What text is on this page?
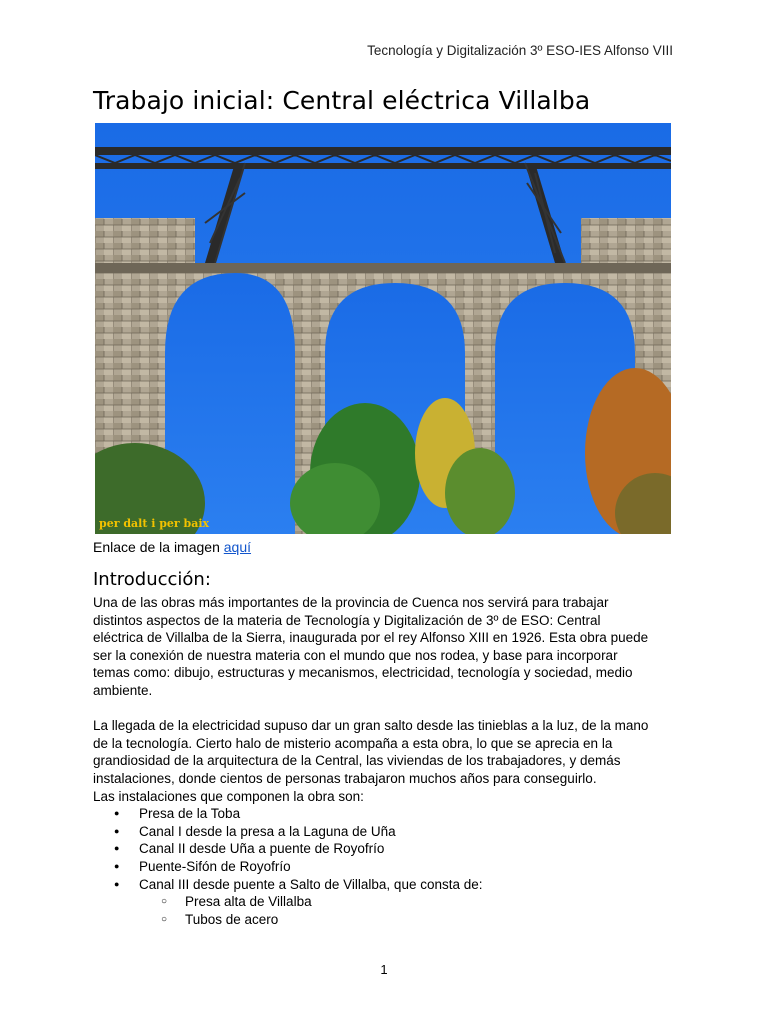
Tecnología y Digitalización 3º ESO-IES Alfonso VIII
Trabajo inicial: Central eléctrica Villalba
per dalt i per baix
Enlace de la imagen aquí
Introducción:

Una de las obras más importantes de la provincia de Cuenca nos servirá para trabajar distintos aspectos de la materia de Tecnología y Digitalización de 3º de ESO: Central eléctrica de Villalba de la Sierra, inaugurada por el rey Alfonso XIII en 1926. Esta obra puede ser la conexión de nuestra materia con el mundo que nos rodea, y base para incorporar temas como: dibujo, estructuras y mecanismos, electricidad, tecnología y sociedad, medio ambiente.

La llegada de la electricidad supuso dar un gran salto desde las tinieblas a la luz, de la mano de la tecnología. Cierto halo de misterio acompaña a esta obra, lo que se aprecia en la grandiosidad de la arquitectura de la Central, las viviendas de los trabajadores, y demás instalaciones, donde cientos de personas trabajaron muchos años para conseguirlo.

Las instalaciones que componen la obra son:

● Presa de la Toba
● Canal I desde la presa a la Laguna de Uña
● Canal II desde Uña a puente de Royofrío
● Puente-Sifón de Royofrío
● Canal III desde puente a Salto de Villalba, que consta de:
○ Presa alta de Villalba
○ Tubos de acero
1
